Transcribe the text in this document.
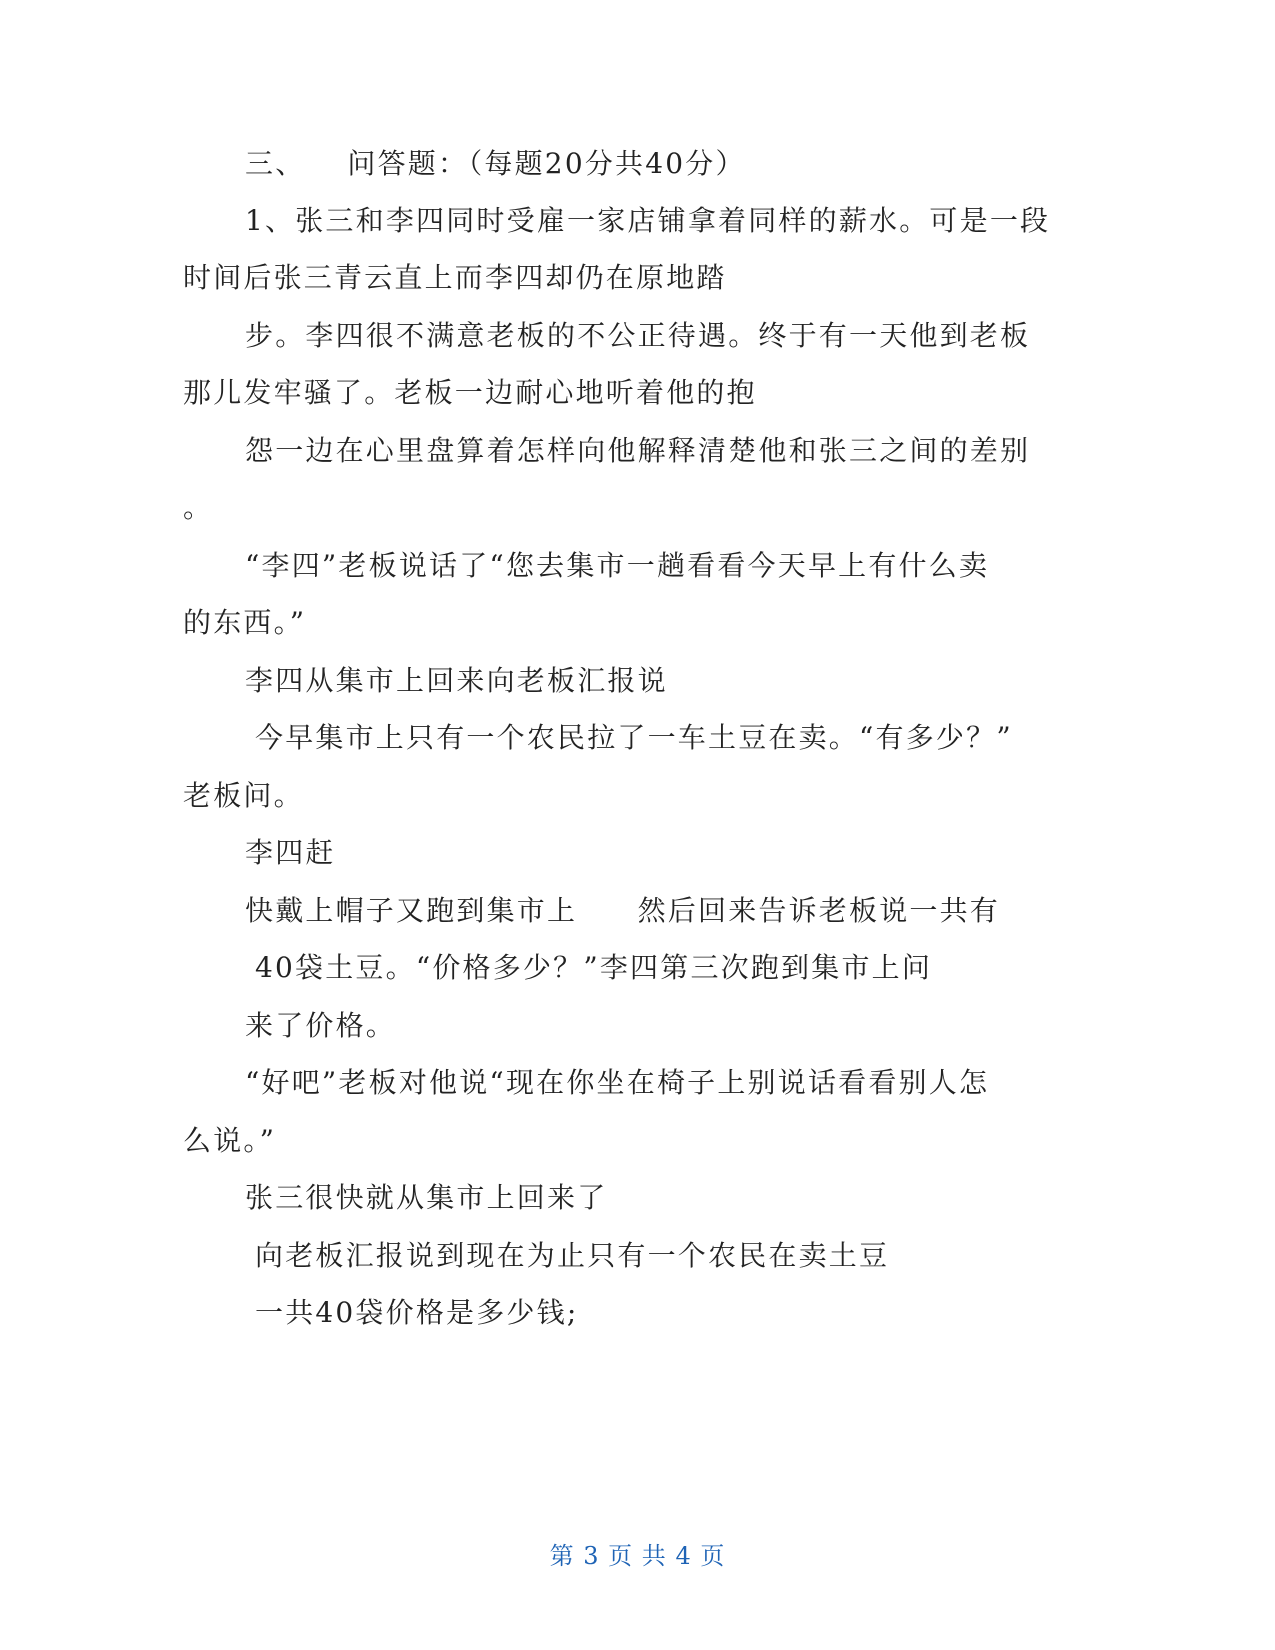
三、 问答题：（每题20分共40分）
1、张三和李四同时受雇一家店铺拿着同样的薪水。可是一段
时间后张三青云直上而李四却仍在原地踏
步。李四很不满意老板的不公正待遇。终于有一天他到老板
那儿发牢骚了。老板一边耐心地听着他的抱
怨一边在心里盘算着怎样向他解释清楚他和张三之间的差别
。
“李四”老板说话了“您去集市一趟看看今天早上有什么卖
的东西。”
李四从集市上回来向老板汇报说
今早集市上只有一个农民拉了一车土豆在卖。“有多少？”
老板问。
李四赶
快戴上帽子又跑到集市上　　然后回来告诉老板说一共有
40袋土豆。“价格多少？”李四第三次跑到集市上问
来了价格。
“好吧”老板对他说“现在你坐在椅子上别说话看看别人怎
么说。”
张三很快就从集市上回来了
向老板汇报说到现在为止只有一个农民在卖土豆
一共40袋价格是多少钱;
第 3 页 共 4 页
